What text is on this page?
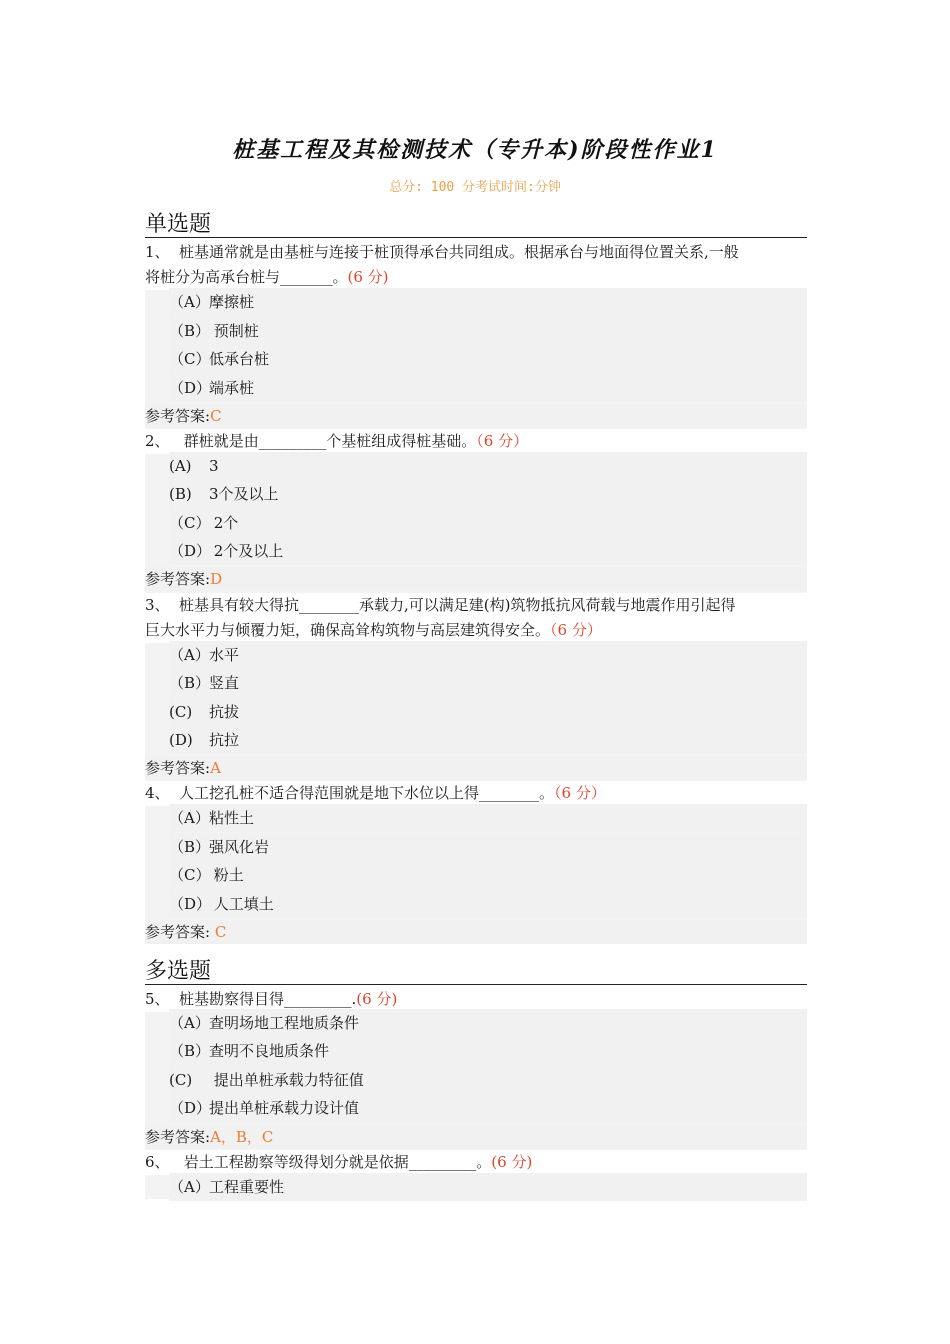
桩基工程及其检测技术（专升本)阶段性作业1
总分: 100 分考试时间:分钟
单选题
1、 桩基通常就是由基桩与连接于桩顶得承台共同组成。根据承台与地面得位置关系,一般
将桩分为高承台桩与_______。(6 分)
（A）摩擦桩
（B） 预制桩
（C）低承台桩
（D）端承桩
参考答案:C
2、 群桩就是由_________个基桩组成得桩基础。（6 分）
(A) 3
(B) 3个及以上
（C） 2个
（D） 2个及以上
参考答案:D
3、 桩基具有较大得抗________承载力,可以满足建(构)筑物抵抗风荷载与地震作用引起得
巨大水平力与倾覆力矩，确保高耸构筑物与高层建筑得安全。（6 分）
（A）水平
（B）竖直
(C) 抗拔
(D) 抗拉
参考答案:A
4、 人工挖孔桩不适合得范围就是地下水位以上得________。（6 分）
（A）粘性土
（B）强风化岩
（C） 粉土
（D） 人工填土
参考答案: C
多选题
5、 桩基勘察得目得_________.(6 分)
（A）查明场地工程地质条件
（B）查明不良地质条件
(C) 提出单桩承载力特征值
（D）提出单桩承载力设计值
参考答案:A，B，C
6、 岩土工程勘察等级得划分就是依据_________。(6 分)
（A）工程重要性
